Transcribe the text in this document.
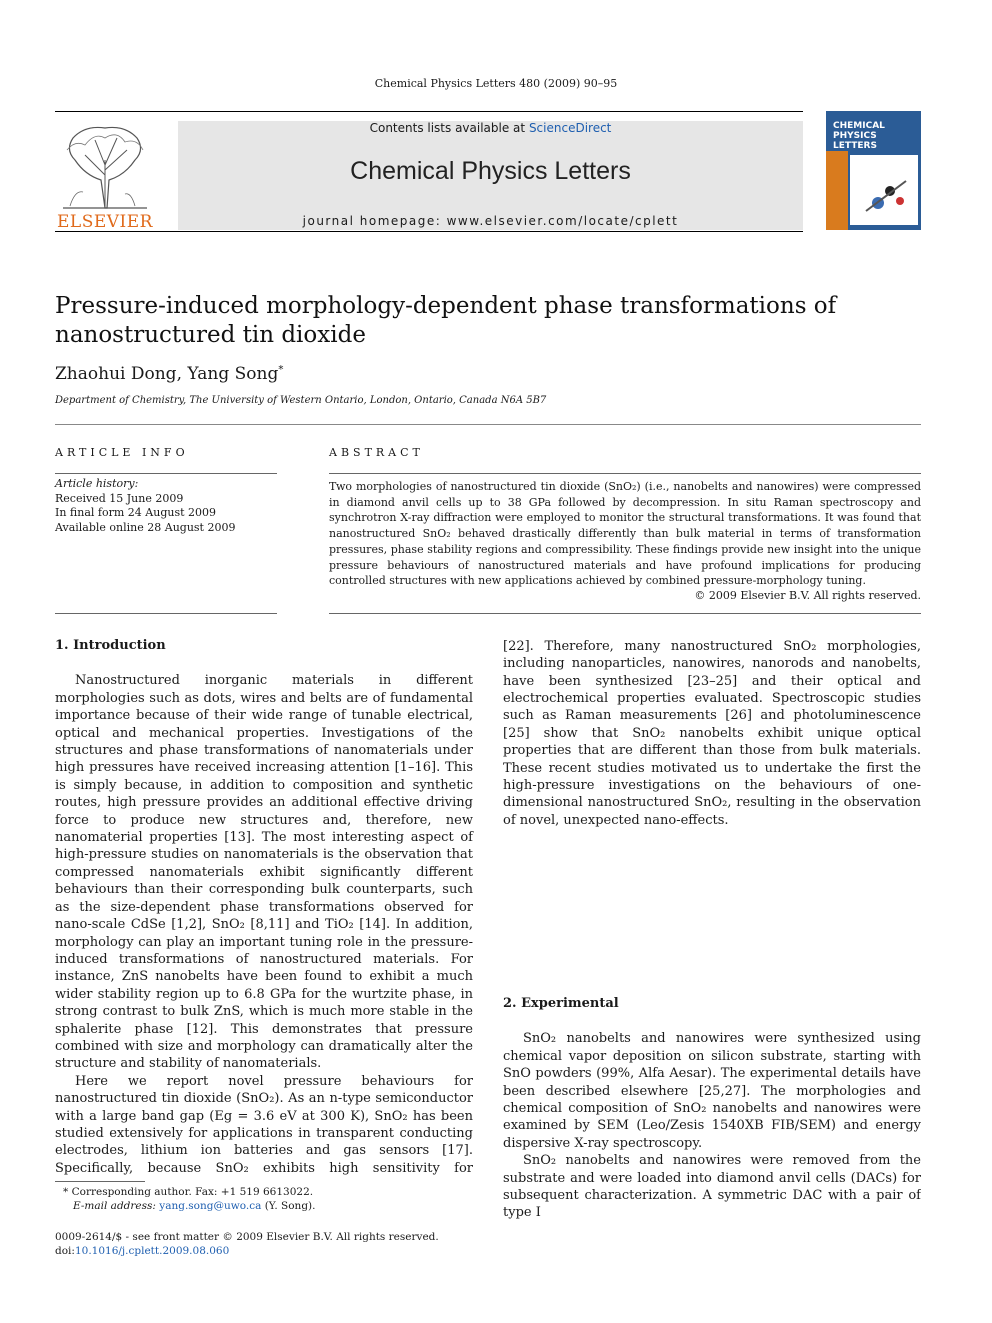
Chemical Physics Letters 480 (2009) 90–95
ELSEVIER
Contents lists available at ScienceDirect
Chemical Physics Letters
journal homepage: www.elsevier.com/locate/cplett
CHEMICAL
PHYSICS
LETTERS
Pressure-induced morphology-dependent phase transformations of
nanostructured tin dioxide
Zhaohui Dong, Yang Song*
Department of Chemistry, The University of Western Ontario, London, Ontario, Canada N6A 5B7
ARTICLE INFO
Article history:
Received 15 June 2009
In final form 24 August 2009
Available online 28 August 2009
ABSTRACT
Two morphologies of nanostructured tin dioxide (SnO₂) (i.e., nanobelts and nanowires) were compressed in diamond anvil cells up to 38 GPa followed by decompression. In situ Raman spectroscopy and synchrotron X-ray diffraction were employed to monitor the structural transformations. It was found that nanostructured SnO₂ behaved drastically differently than bulk material in terms of transformation pressures, phase stability regions and compressibility. These findings provide new insight into the unique pressure behaviours of nanostructured materials and have profound implications for producing controlled structures with new applications achieved by combined pressure-morphology tuning.
© 2009 Elsevier B.V. All rights reserved.
1. Introduction

Nanostructured inorganic materials in different morphologies such as dots, wires and belts are of fundamental importance because of their wide range of tunable electrical, optical and mechanical properties. Investigations of the structures and phase transformations of nanomaterials under high pressures have received increasing attention [1–16]. This is simply because, in addition to composition and synthetic routes, high pressure provides an additional effective driving force to produce new structures and, therefore, new nanomaterial properties [13]. The most interesting aspect of high-pressure studies on nanomaterials is the observation that compressed nanomaterials exhibit significantly different behaviours than their corresponding bulk counterparts, such as the size-dependent phase transformations observed for nano-scale CdSe [1,2], SnO₂ [8,11] and TiO₂ [14]. In addition, morphology can play an important tuning role in the pressure-induced transformations of nanostructured materials. For instance, ZnS nanobelts have been found to exhibit a much wider stability region up to 6.8 GPa for the wurtzite phase, in strong contrast to bulk ZnS, which is much more stable in the sphalerite phase [12]. This demonstrates that pressure combined with size and morphology can dramatically alter the structure and stability of nanomaterials.

Here we report novel pressure behaviours for nanostructured tin dioxide (SnO₂). As an n-type semiconductor with a large band gap (Eg = 3.6 eV at 300 K), SnO₂ has been studied extensively for applications in transparent conducting electrodes, lithium ion batteries and gas sensors [17]. Specifically, because SnO₂ exhibits high sensitivity for

[22]. Therefore, many nanostructured SnO₂ morphologies, including nanoparticles, nanowires, nanorods and nanobelts, have been synthesized [23–25] and their optical and electrochemical properties evaluated. Spectroscopic studies such as Raman measurements [26] and photoluminescence [25] show that SnO₂ nanobelts exhibit unique optical properties that are different than those from bulk materials. These recent studies motivated us to undertake the first the high-pressure investigations on the behaviours of one-dimensional nanostructured SnO₂, resulting in the observation of novel, unexpected nano-effects.

2. Experimental

SnO₂ nanobelts and nanowires were synthesized using chemical vapor deposition on silicon substrate, starting with SnO powders (99%, Alfa Aesar). The experimental details have been described elsewhere [25,27]. The morphologies and chemical composition of SnO₂ nanobelts and nanowires were examined by SEM (Leo/Zesis 1540XB FIB/SEM) and energy dispersive X-ray spectroscopy.

SnO₂ nanobelts and nanowires were removed from the substrate and were loaded into diamond anvil cells (DACs) for subsequent characterization. A symmetric DAC with a pair of type I

* Corresponding author. Fax: +1 519 6613022.
E-mail address: yang.song@uwo.ca (Y. Song).
0009-2614/$ - see front matter © 2009 Elsevier B.V. All rights reserved.
doi:10.1016/j.cplett.2009.08.060
